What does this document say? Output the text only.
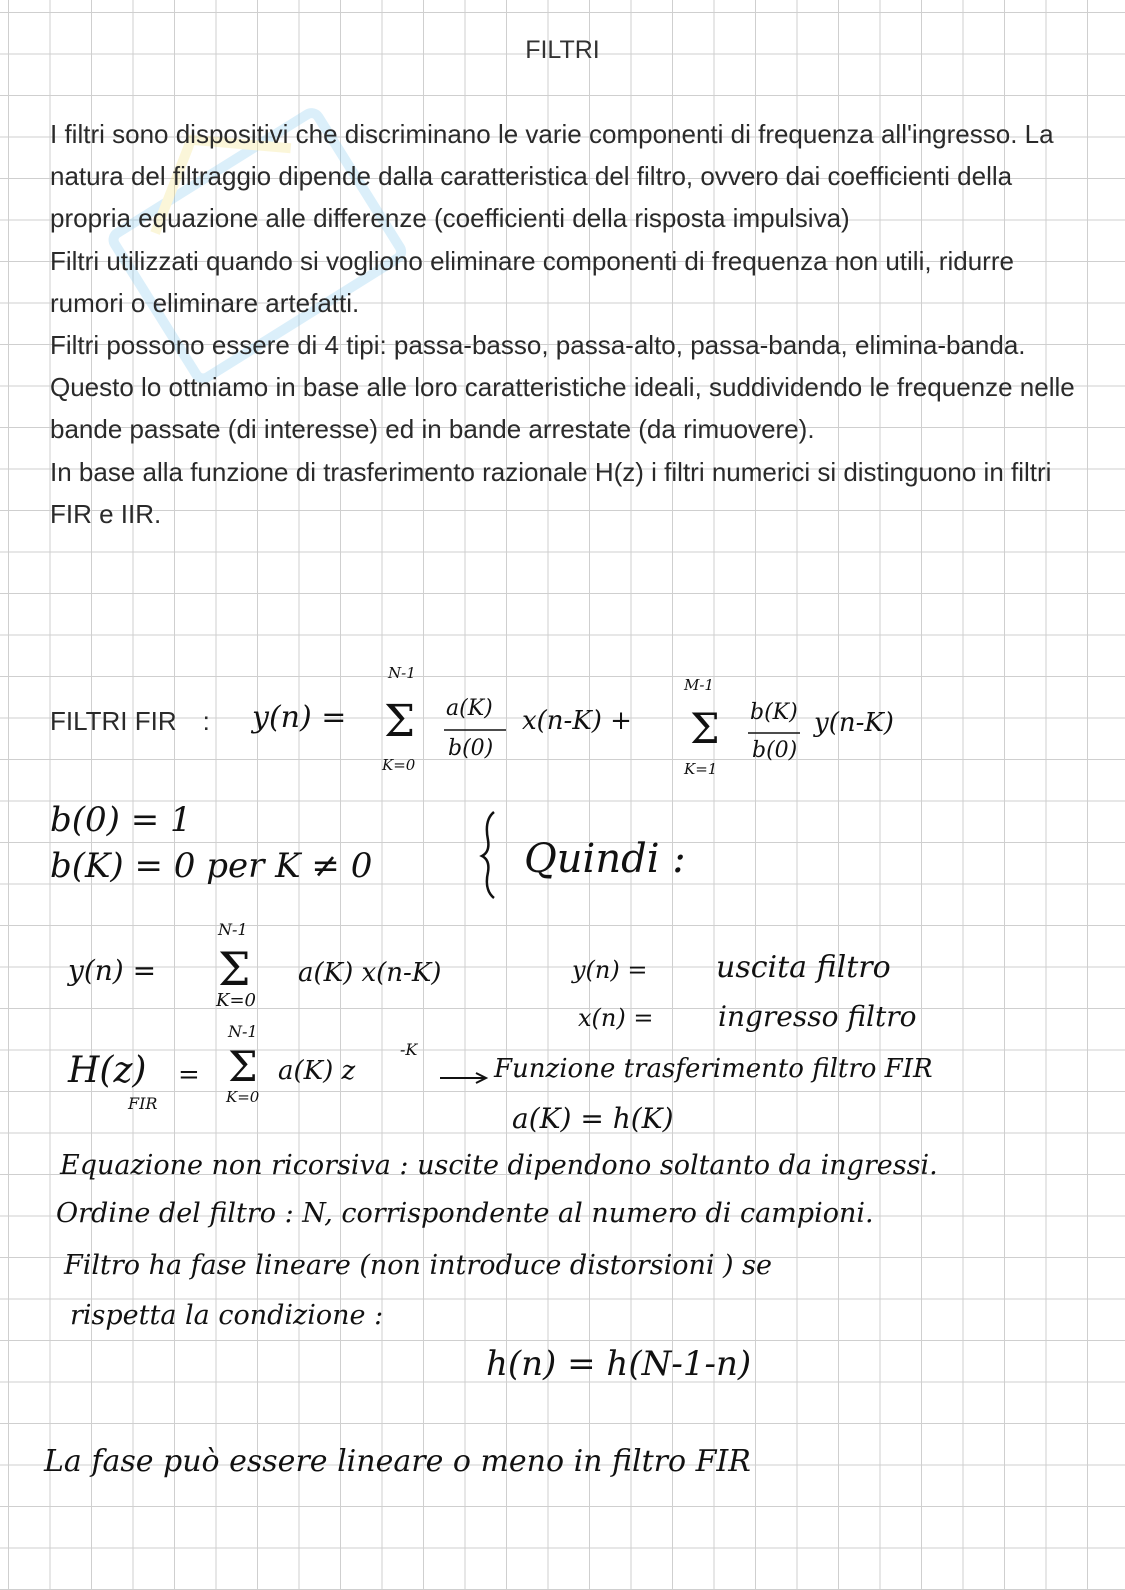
FILTRI

I filtri sono dispositivi che discriminano le varie componenti di frequenza all'ingresso. La natura del filtraggio dipende dalla caratteristica del filtro, ovvero dai coefficienti della propria equazione alle differenze (coefficienti della risposta impulsiva)

Filtri utilizzati quando si vogliono eliminare componenti di frequenza non utili, ridurre rumori o eliminare artefatti.

Filtri possono essere di 4 tipi: passa-basso, passa-alto, passa-banda, elimina-banda.

Questo lo ottniamo in base alle loro caratteristiche ideali, suddividendo le frequenze nelle bande passate (di interesse) ed in bande arrestate (da rimuovere).

In base alla funzione di trasferimento razionale H(z) i filtri numerici si distinguono in filtri FIR e IIR.

FILTRI FIR : y(n) =
N-1
Σ
K=0
a(K)
b(0)
x(n-K) +
M-1
Σ
K=1
b(K)
b(0)
y(n-K)
b(0) = 1
b(K) = 0 per K ≠ 0	Quindi :
y(n) =
N-1
Σ
K=0
a(K) x(n-K)	y(n) = uscita filtro
x(n) = ingresso filtro
H(z)
FIR
=
N-1
Σ
K=0
a(K) z
-K
Funzione trasferimento filtro FIR
a(K) = h(K)
Equazione non ricorsiva : uscite dipendono soltanto da ingressi.
Ordine del filtro : N, corrispondente al numero di campioni.
Filtro ha fase lineare (non introduce distorsioni ) se
rispetta la condizione :
h(n) = h(N-1-n)
La fase può essere lineare o meno in filtro FIR
